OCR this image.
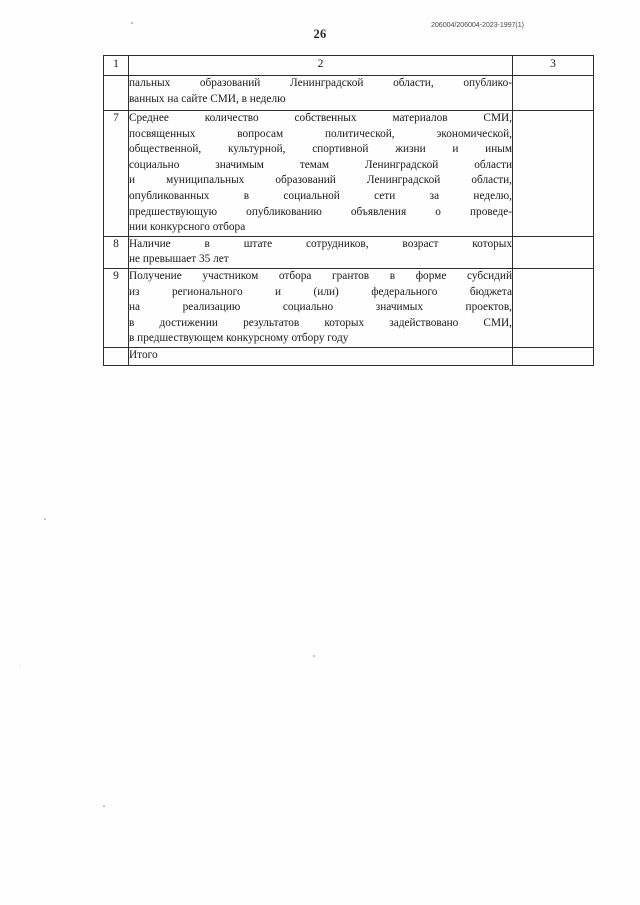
26
206004/206004-2023-1997(1)
1	2	3

	пальных образований Ленинградской области, опублико-

ванных на сайте СМИ, в неделю	

7	Среднее количество собственных материалов СМИ,

посвященных вопросам политической, экономической,

общественной, культурной, спортивной жизни и иным

социально значимым темам Ленинградской области

и муниципальных образований Ленинградской области,

опубликованных в социальной сети за неделю,

предшествующую опубликованию объявления о проведе-

нии конкурсного отбора

8	Наличие в штате сотрудников, возраст которых

не превышает 35 лет	

9	Получение участником отбора грантов в форме субсидий

из регионального и (или) федерального бюджета

на реализацию социально значимых проектов,

в достижении результатов которых задействовано СМИ,

в предшествующем конкурсному отбору году	

	Итого	
